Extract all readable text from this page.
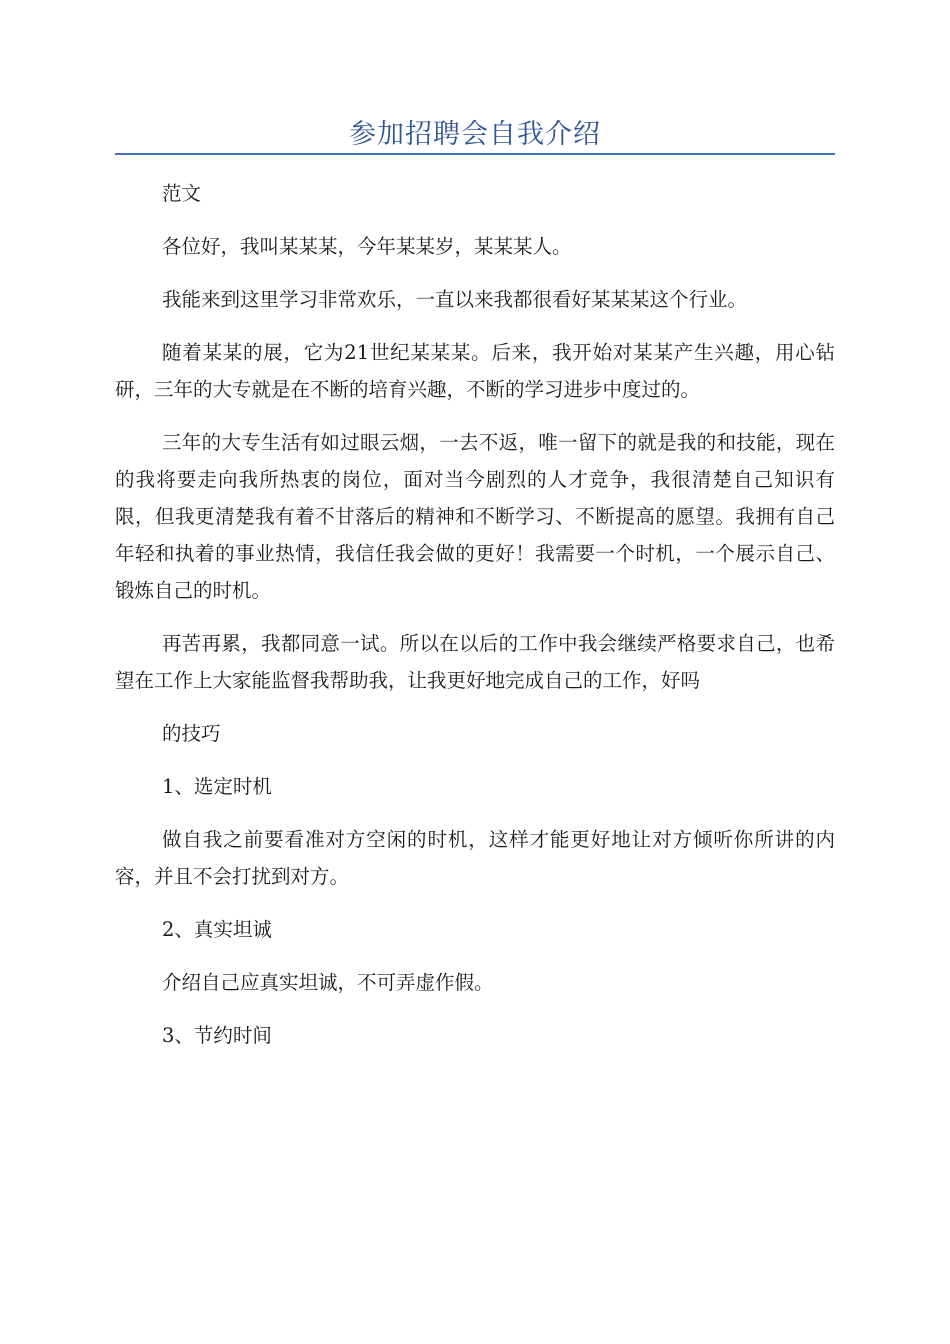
参加招聘会自我介绍

范文

各位好，我叫某某某，今年某某岁，某某某人。

我能来到这里学习非常欢乐，一直以来我都很看好某某某这个行业。

随着某某的展，它为21世纪某某某。后来，我开始对某某产生兴趣，用心钻研，三年的大专就是在不断的培育兴趣，不断的学习进步中度过的。

三年的大专生活有如过眼云烟，一去不返，唯一留下的就是我的和技能，现在的我将要走向我所热衷的岗位，面对当今剧烈的人才竞争，我很清楚自己知识有限，但我更清楚我有着不甘落后的精神和不断学习、不断提高的愿望。我拥有自己年轻和执着的事业热情，我信任我会做的更好！我需要一个时机，一个展示自己、锻炼自己的时机。

再苦再累，我都同意一试。所以在以后的工作中我会继续严格要求自己，也希望在工作上大家能监督我帮助我，让我更好地完成自己的工作，好吗

的技巧

1、选定时机

做自我之前要看准对方空闲的时机，这样才能更好地让对方倾听你所讲的内容，并且不会打扰到对方。

2、真实坦诚

介绍自己应真实坦诚，不可弄虚作假。

3、节约时间
